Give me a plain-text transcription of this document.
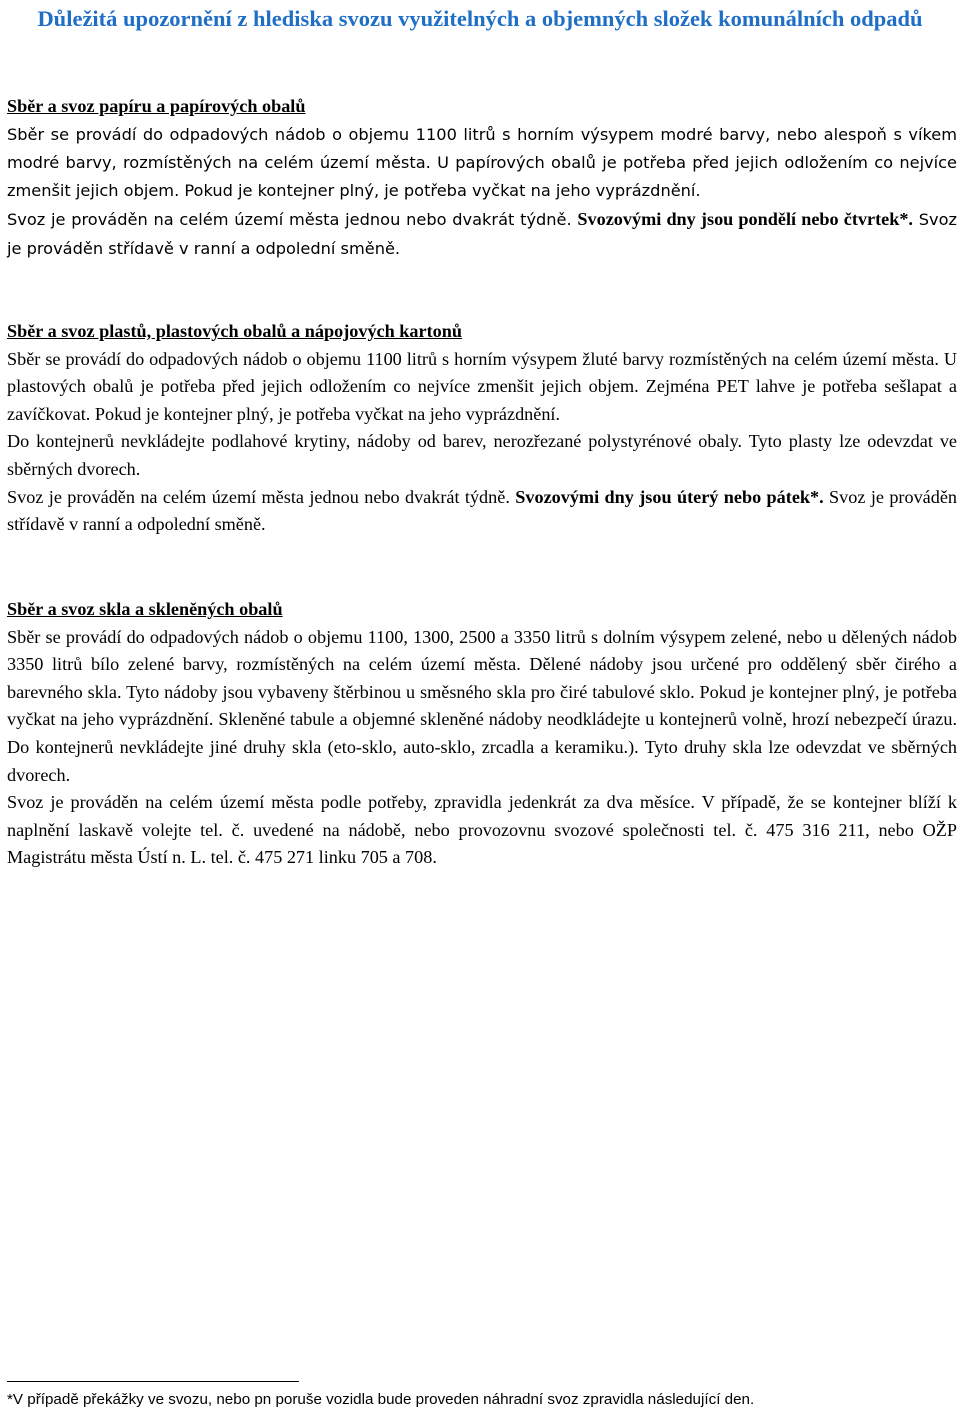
Důležitá upozornění z hlediska svozu využitelných a objemných složek komunálních odpadů

Sběr a svoz papíru a papírových obalů

Sběr se provádí do odpadových nádob o objemu 1100 litrů s horním výsypem modré barvy, nebo alespoň s víkem modré barvy, rozmístěných na celém území města. U papírových obalů je potřeba před jejich odložením co nejvíce zmenšit jejich objem. Pokud je kontejner plný, je potřeba vyčkat na jeho vyprázdnění.

Svoz je prováděn na celém území města jednou nebo dvakrát týdně. Svozovými dny jsou pondělí nebo čtvrtek*. Svoz je prováděn střídavě v ranní a odpolední směně.

Sběr a svoz plastů, plastových obalů a nápojových kartonů

Sběr se provádí do odpadových nádob o objemu 1100 litrů s horním výsypem žluté barvy rozmístěných na celém území města. U plastových obalů je potřeba před jejich odložením co nejvíce zmenšit jejich objem. Zejména PET lahve je potřeba sešlapat a zavíčkovat. Pokud je kontejner plný, je potřeba vyčkat na jeho vyprázdnění.

Do kontejnerů nevkládejte podlahové krytiny, nádoby od barev, nerozřezané polystyrénové obaly. Tyto plasty lze odevzdat ve sběrných dvorech.

Svoz je prováděn na celém území města jednou nebo dvakrát týdně. Svozovými dny jsou úterý nebo pátek*. Svoz je prováděn střídavě v ranní a odpolední směně.

Sběr a svoz skla a skleněných obalů

Sběr se provádí do odpadových nádob o objemu 1100, 1300, 2500 a 3350 litrů s dolním výsypem zelené, nebo u dělených nádob 3350 litrů bílo zelené barvy, rozmístěných na celém území města. Dělené nádoby jsou určené pro oddělený sběr čirého a barevného skla. Tyto nádoby jsou vybaveny štěrbinou u směsného skla pro čiré tabulové sklo. Pokud je kontejner plný, je potřeba vyčkat na jeho vyprázdnění. Skleněné tabule a objemné skleněné nádoby neodkládejte u kontejnerů volně, hrozí nebezpečí úrazu. Do kontejnerů nevkládejte jiné druhy skla (eto-sklo, auto-sklo, zrcadla a keramiku.). Tyto druhy skla lze odevzdat ve sběrných dvorech.

Svoz je prováděn na celém území města podle potřeby, zpravidla jedenkrát za dva měsíce. V případě, že se kontejner blíží k naplnění laskavě volejte tel. č. uvedené na nádobě, nebo provozovnu svozové společnosti tel. č. 475 316 211, nebo OŽP Magistrátu města Ústí n. L. tel. č. 475 271 linku 705 a 708.

*V případě překážky ve svozu, nebo pn poruše vozidla bude proveden náhradní svoz zpravidla následující den.
